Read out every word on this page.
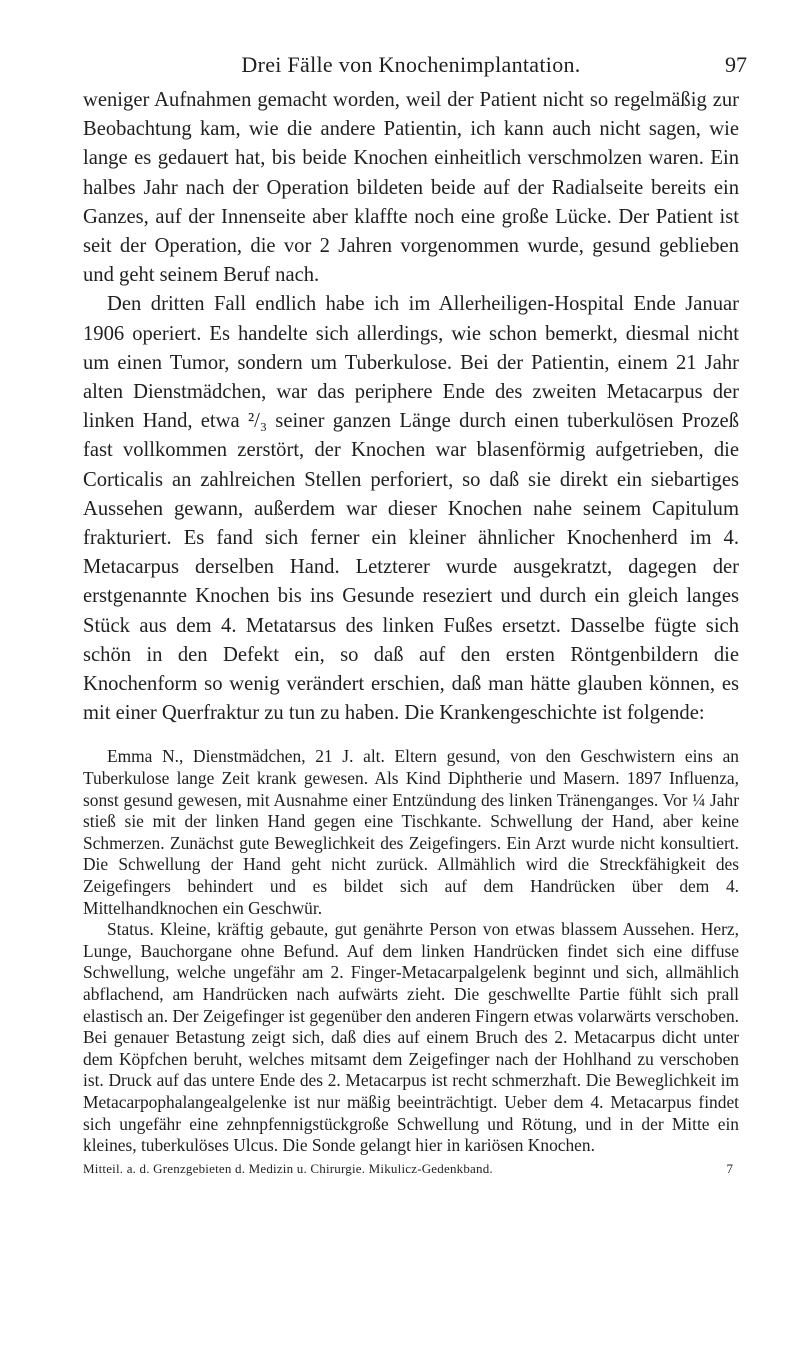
Drei Fälle von Knochenimplantation.	97

weniger Aufnahmen gemacht worden, weil der Patient nicht so regelmäßig zur Beobachtung kam, wie die andere Patientin, ich kann auch nicht sagen, wie lange es gedauert hat, bis beide Knochen einheitlich verschmolzen waren. Ein halbes Jahr nach der Operation bildeten beide auf der Radialseite bereits ein Ganzes, auf der Innenseite aber klaffte noch eine große Lücke. Der Patient ist seit der Operation, die vor 2 Jahren vorgenommen wurde, gesund geblieben und geht seinem Beruf nach.

Den dritten Fall endlich habe ich im Allerheiligen-Hospital Ende Januar 1906 operiert. Es handelte sich allerdings, wie schon bemerkt, diesmal nicht um einen Tumor, sondern um Tuberkulose. Bei der Patientin, einem 21 Jahr alten Dienstmädchen, war das periphere Ende des zweiten Metacarpus der linken Hand, etwa ²/₃ seiner ganzen Länge durch einen tuberkulösen Prozeß fast vollkommen zerstört, der Knochen war blasenförmig aufgetrieben, die Corticalis an zahlreichen Stellen perforiert, so daß sie direkt ein siebartiges Aussehen gewann, außerdem war dieser Knochen nahe seinem Capitulum frakturiert. Es fand sich ferner ein kleiner ähnlicher Knochenherd im 4. Metacarpus derselben Hand. Letzterer wurde ausgekratzt, dagegen der erstgenannte Knochen bis ins Gesunde reseziert und durch ein gleich langes Stück aus dem 4. Metatarsus des linken Fußes ersetzt. Dasselbe fügte sich schön in den Defekt ein, so daß auf den ersten Röntgenbildern die Knochenform so wenig verändert erschien, daß man hätte glauben können, es mit einer Querfraktur zu tun zu haben. Die Krankengeschichte ist folgende:

Emma N., Dienstmädchen, 21 J. alt. Eltern gesund, von den Geschwistern eins an Tuberkulose lange Zeit krank gewesen. Als Kind Diphtherie und Masern. 1897 Influenza, sonst gesund gewesen, mit Ausnahme einer Entzündung des linken Tränenganges. Vor ¼ Jahr stieß sie mit der linken Hand gegen eine Tischkante. Schwellung der Hand, aber keine Schmerzen. Zunächst gute Beweglichkeit des Zeigefingers. Ein Arzt wurde nicht konsultiert. Die Schwellung der Hand geht nicht zurück. Allmählich wird die Streckfähigkeit des Zeigefingers behindert und es bildet sich auf dem Handrücken über dem 4. Mittelhandknochen ein Geschwür.

Status. Kleine, kräftig gebaute, gut genährte Person von etwas blassem Aussehen. Herz, Lunge, Bauchorgane ohne Befund. Auf dem linken Handrücken findet sich eine diffuse Schwellung, welche ungefähr am 2. Finger-Metacarpalgelenk beginnt und sich, allmählich abflachend, am Handrücken nach aufwärts zieht. Die geschwellte Partie fühlt sich prall elastisch an. Der Zeigefinger ist gegenüber den anderen Fingern etwas volarwärts verschoben. Bei genauer Betastung zeigt sich, daß dies auf einem Bruch des 2. Metacarpus dicht unter dem Köpfchen beruht, welches mitsamt dem Zeigefinger nach der Hohlhand zu verschoben ist. Druck auf das untere Ende des 2. Metacarpus ist recht schmerzhaft. Die Beweglichkeit im Metacarpophalangealgelenke ist nur mäßig beeinträchtigt. Ueber dem 4. Metacarpus findet sich ungefähr eine zehnpfennigstückgroße Schwellung und Rötung, und in der Mitte ein kleines, tuberkulöses Ulcus. Die Sonde gelangt hier in kariösen Knochen.

Mitteil. a. d. Grenzgebieten d. Medizin u. Chirurgie. Mikulicz-Gedenkband.	7
